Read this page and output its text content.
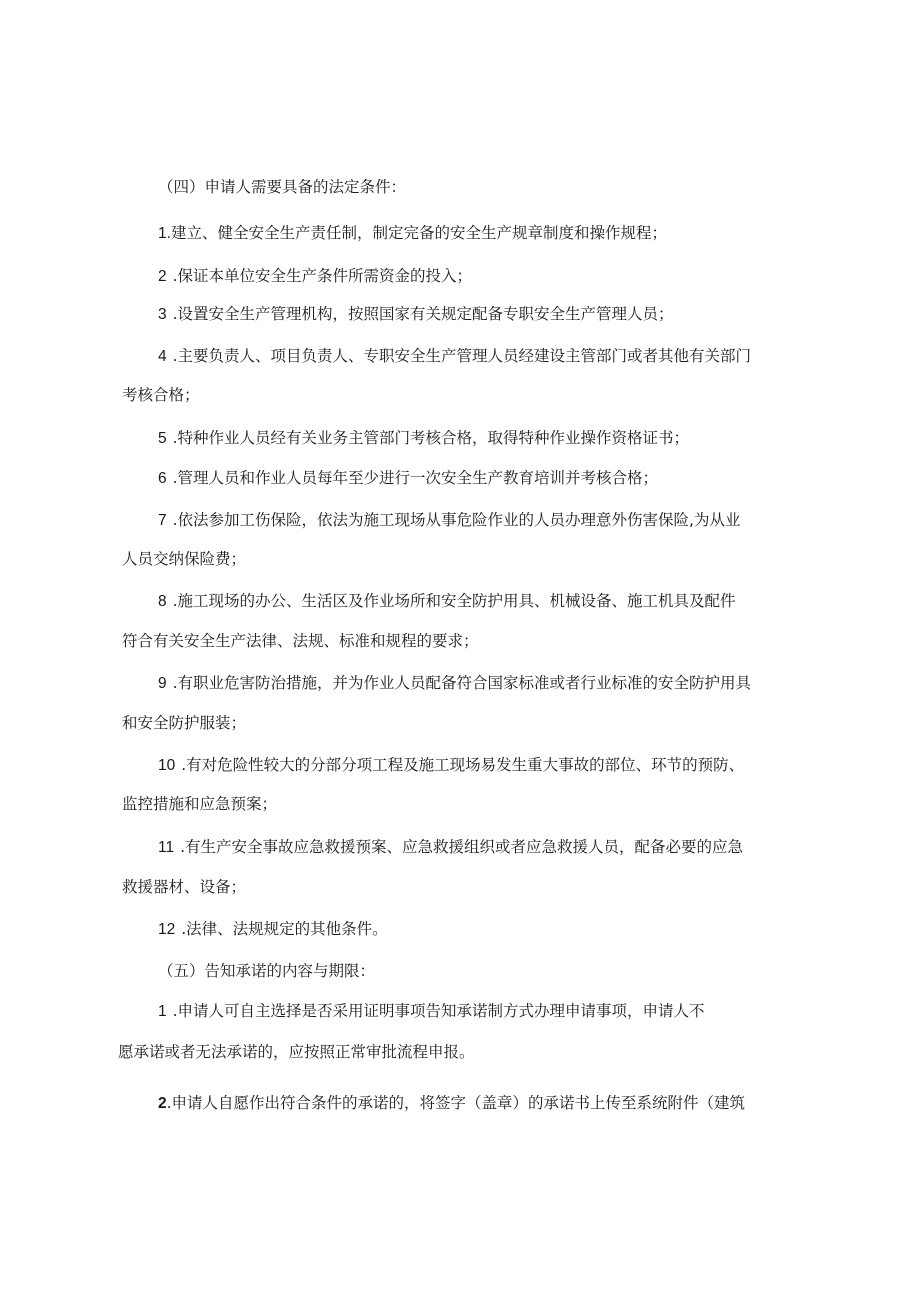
（四）申请人需要具备的法定条件：
1.建立、健全安全生产责任制，制定完备的安全生产规章制度和操作规程；
2 .保证本单位安全生产条件所需资金的投入；
3 .设置安全生产管理机构，按照国家有关规定配备专职安全生产管理人员；
4 .主要负责人、项目负责人、专职安全生产管理人员经建设主管部门或者其他有关部门
考核合格；
5 .特种作业人员经有关业务主管部门考核合格，取得特种作业操作资格证书；
6 .管理人员和作业人员每年至少进行一次安全生产教育培训并考核合格；
7 .依法参加工伤保险，依法为施工现场从事危险作业的人员办理意外伤害保险,为从业
人员交纳保险费；
8 .施工现场的办公、生活区及作业场所和安全防护用具、机械设备、施工机具及配件
符合有关安全生产法律、法规、标准和规程的要求；
9 .有职业危害防治措施，并为作业人员配备符合国家标准或者行业标准的安全防护用具
和安全防护服装；
10 .有对危险性较大的分部分项工程及施工现场易发生重大事故的部位、环节的预防、
监控措施和应急预案；
11 .有生产安全事故应急救援预案、应急救援组织或者应急救援人员，配备必要的应急
救援器材、设备；
12 .法律、法规规定的其他条件。
（五）告知承诺的内容与期限：
1 .申请人可自主选择是否采用证明事项告知承诺制方式办理申请事项，申请人不
愿承诺或者无法承诺的，应按照正常审批流程申报。
2.申请人自愿作出符合条件的承诺的，将签字（盖章）的承诺书上传至系统附件（建筑
